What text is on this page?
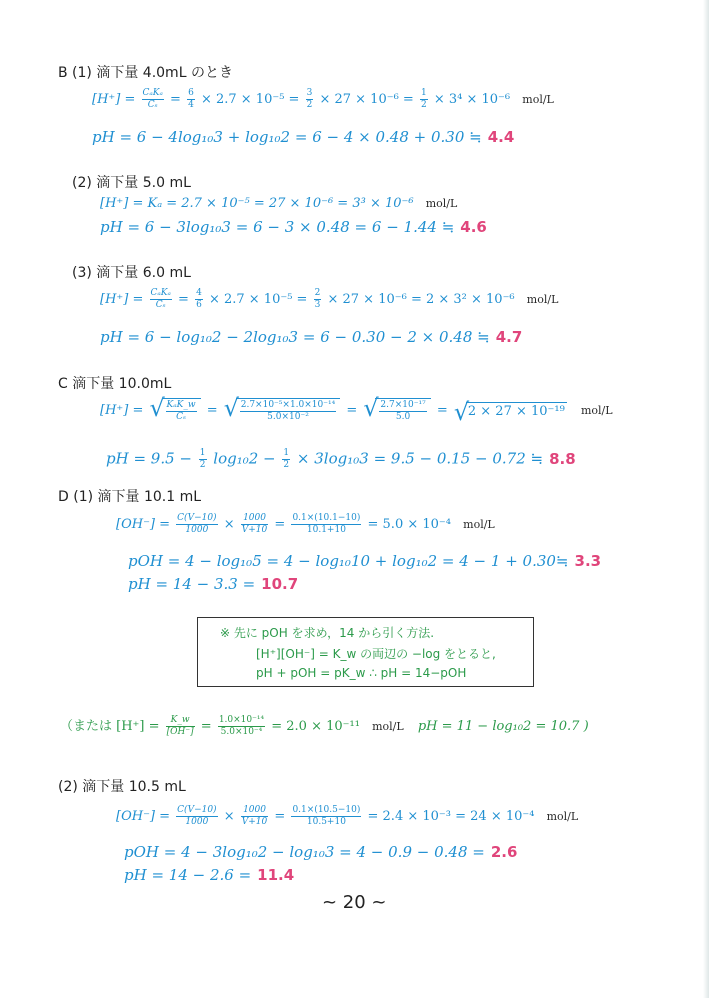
B (1) 滴下量 4.0mL のとき
$[H^+] = \frac{\text{CₐKₐ}}{\text{Cₛ}} = \frac{6}{4} \times 2.7 \times 10^{-5} = \frac{3}{2} \times 27 \times 10^{-6} = \frac{1}{2} \times 3^4 \times 10^{-6}$ mol/L
pH = 6 − 4log₁₀3 + log₁₀2 = 6 − 4 × 0.48 + 0.30 ≒ 4.4
(2) 滴下量 5.0 mL
[H⁺] = Kₐ = 2.7 × 10⁻⁵ = 27 × 10⁻⁶ = 3³ × 10⁻⁶ mol/L
pH = 6 − 3log₁₀3 = 6 − 3 × 0.48 = 6 − 1.44 ≒ 4.6
(3) 滴下量 6.0 mL
$[H^+] = \frac{\text{CₐKₐ}}{\text{Cₛ}} = \frac{4}{6} \times 2.7 \times 10^{-5} = \frac{2}{3} \times 27 \times 10^{-6} = 2 \times 3^2 \times 10^{-6}$ mol/L
pH = 6 − log₁₀2 − 2log₁₀3 = 6 − 0.30 − 2 × 0.48 ≒ 4.7
C 滴下量 10.0mL
[H⁺] = √ $\frac{\text{KₐK\_w}}{\text{Cₛ}}$ = √ $\frac{\text{2.7×10⁻⁵×1.0×10⁻¹⁴}}{\text{5.0×10⁻²}}$ = √ $\frac{\text{2.7×10⁻¹⁷}}{5.0}$ = √ 2 × 27 × 10⁻¹⁹ mol/L
pH = $9.5 - \frac{1}{2} \log_{10}2 - \frac{1}{2} \times 3\log_{10}3 = 9.5 - 0.15 - 0.72$ ≒ 8.8
D (1) 滴下量 10.1 mL
$[OH^-] = \frac{C(V-10)}{1000} \times \frac{1000}{V+10} = \frac{0.1\times(10.1-10)}{10.1+10} = 5.0 \times 10^{-4}$ mol/L
pOH = 4 − log₁₀5 = 4 − log₁₀10 + log₁₀2 = 4 − 1 + 0.30≒ 3.3
pH = 14 − 3.3 = 10.7
※ 先に pOH を求め，14 から引く方法.
[H⁺][OH⁻] = K_w の両辺の −log をとると,
pH + pOH = pK_w ∴ pH = 14−pOH
（または $[H^+] = \frac{K\_w}{[OH^-]} = \frac{\text{1.0×10⁻¹⁴}}{\text{5.0×10⁻⁴}} = 2.0 \times 10^{-11}$ mol/L pH = 11 − log₁₀2 = 10.7 )
(2) 滴下量 10.5 mL
$[OH^-] = \frac{C(V-10)}{1000} \times \frac{1000}{V+10} = \frac{0.1\times(10.5-10)}{10.5+10} = 2.4 \times 10^{-3} = 24 \times 10^{-4}$ mol/L
pOH = 4 − 3log₁₀2 − log₁₀3 = 4 − 0.9 − 0.48 = 2.6
pH = 14 − 2.6 = 11.4
~ 20 ~
